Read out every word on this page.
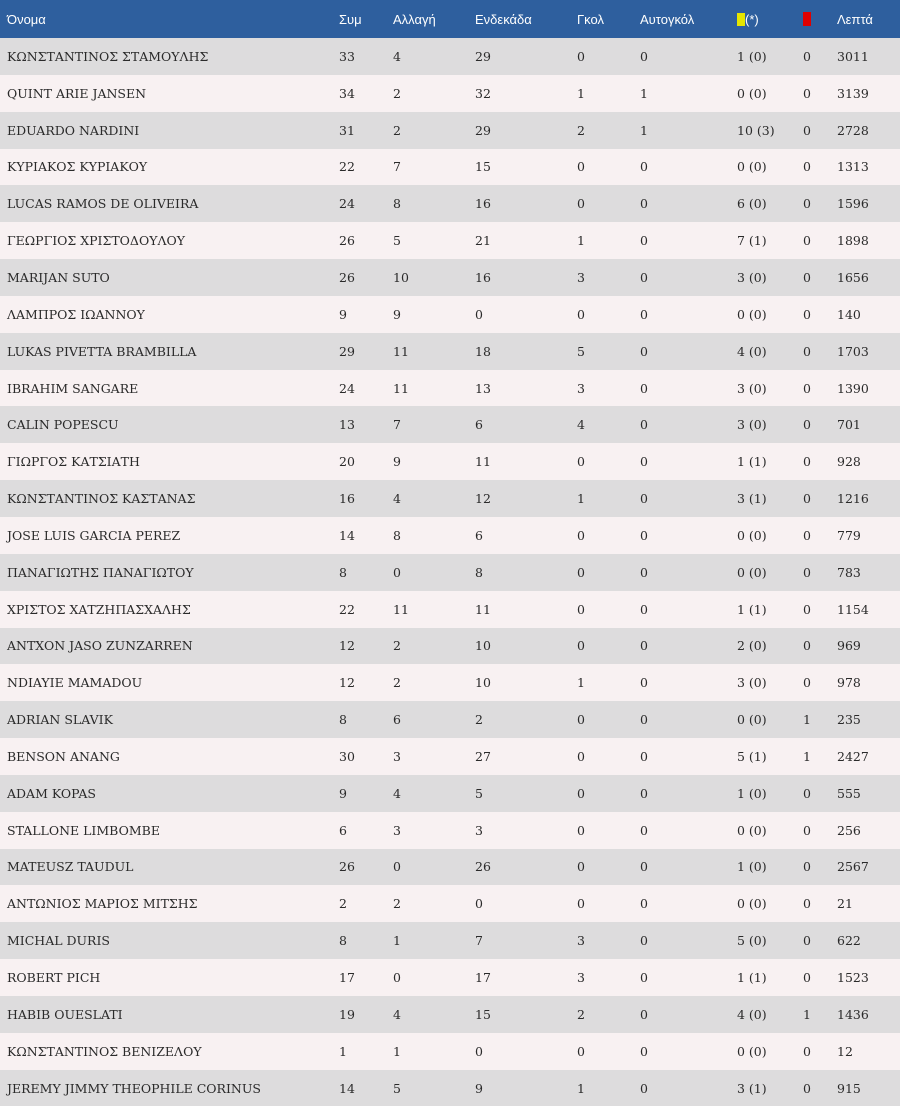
Όνομα	Συμ	Αλλαγή	Ενδεκάδα	Γκολ	Αυτογκόλ	(*)		Λεπτά
ΚΩΝΣΤΑΝΤΙΝΟΣ ΣΤΑΜΟΥΛΗΣ	33	4	29	0	0	1 (0)	0	3011
QUINT ARIE JANSEN	34	2	32	1	1	0 (0)	0	3139
EDUARDO NARDINI	31	2	29	2	1	10 (3)	0	2728
ΚΥΡΙΑΚΟΣ ΚΥΡΙΑΚΟΥ	22	7	15	0	0	0 (0)	0	1313
LUCAS RAMOS DE OLIVEIRA	24	8	16	0	0	6 (0)	0	1596
ΓΕΩΡΓΙΟΣ ΧΡΙΣΤΟΔΟΥΛΟΥ	26	5	21	1	0	7 (1)	0	1898
MARIJAN SUTO	26	10	16	3	0	3 (0)	0	1656
ΛΑΜΠΡΟΣ ΙΩΑΝΝΟΥ	9	9	0	0	0	0 (0)	0	140
LUKAS PIVETTA BRAMBILLA	29	11	18	5	0	4 (0)	0	1703
IBRAHIM SANGARE	24	11	13	3	0	3 (0)	0	1390
CALIN POPESCU	13	7	6	4	0	3 (0)	0	701
ΓΙΩΡΓΟΣ ΚΑΤΣΙΑΤΗ	20	9	11	0	0	1 (1)	0	928
ΚΩΝΣΤΑΝΤΙΝΟΣ ΚΑΣΤΑΝΑΣ	16	4	12	1	0	3 (1)	0	1216
JOSE LUIS GARCIA PEREZ	14	8	6	0	0	0 (0)	0	779
ΠΑΝΑΓΙΩΤΗΣ ΠΑΝΑΓΙΩΤΟΥ	8	0	8	0	0	0 (0)	0	783
ΧΡΙΣΤΟΣ ΧΑΤΖΗΠΑΣΧΑΛΗΣ	22	11	11	0	0	1 (1)	0	1154
ANTXON JASO ZUNZARREN	12	2	10	0	0	2 (0)	0	969
NDIAYIE MAMADOU	12	2	10	1	0	3 (0)	0	978
ADRIAN SLAVIK	8	6	2	0	0	0 (0)	1	235
BENSON ANANG	30	3	27	0	0	5 (1)	1	2427
ADAM KOPAS	9	4	5	0	0	1 (0)	0	555
STALLONE LIMBOMBE	6	3	3	0	0	0 (0)	0	256
MATEUSZ TAUDUL	26	0	26	0	0	1 (0)	0	2567
ΑΝΤΩΝΙΟΣ ΜΑΡΙΟΣ ΜΙΤΣΗΣ	2	2	0	0	0	0 (0)	0	21
MICHAL DURIS	8	1	7	3	0	5 (0)	0	622
ROBERT PICH	17	0	17	3	0	1 (1)	0	1523
HABIB OUESLATI	19	4	15	2	0	4 (0)	1	1436
ΚΩΝΣΤΑΝΤΙΝΟΣ ΒΕΝΙΖΕΛΟΥ	1	1	0	0	0	0 (0)	0	12
JEREMY JIMMY THEOPHILE CORINUS	14	5	9	1	0	3 (1)	0	915
